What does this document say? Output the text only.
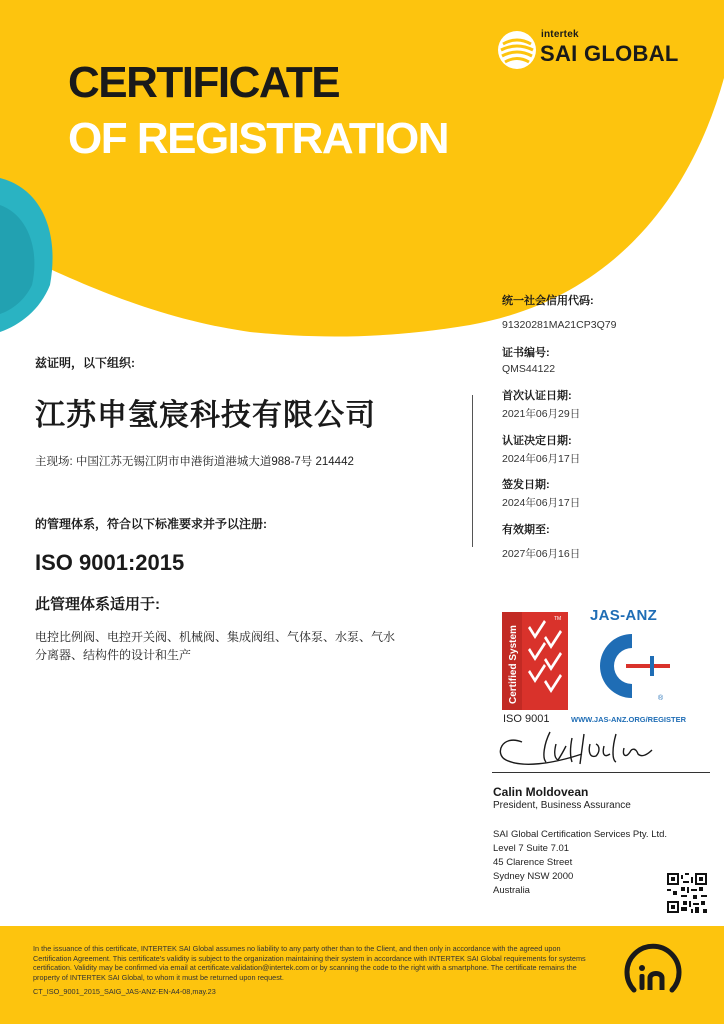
intertek
SAI GLOBAL
CERTIFICATE
OF REGISTRATION
兹证明，以下组织:
江苏申氢宸科技有限公司
主现场: 中国江苏无锡江阴市申港街道港城大道988-7号 214442
的管理体系，符合以下标准要求并予以注册:
ISO 9001:2015
此管理体系适用于:
电控比例阀、电控开关阀、机械阀、集成阀组、气体泵、水泵、气水
分离器、结构件的设计和生产
统一社会信用代码:
91320281MA21CP3Q79
证书编号:
QMS44122
首次认证日期:
2021年06月29日
认证决定日期:
2024年06月17日
签发日期:
2024年06月17日
有效期至:
2027年06月16日
Certified System
TM
ISO 9001
JAS-ANZ
®
WWW.JAS-ANZ.ORG/REGISTER
Calin Moldovean
President, Business Assurance
SAI Global Certification Services Pty. Ltd.
Level 7 Suite 7.01
45 Clarence Street
Sydney NSW 2000
Australia
In the issuance of this certificate, INTERTEK SAI Global assumes no liability to any party other than to the Client, and then only in accordance with the agreed upon Certification Agreement. This certificate's validity is subject to the organization maintaining their system in accordance with INTERTEK SAI Global requirements for systems certification. Validity may be confirmed via email at certificate.validation@intertek.com or by scanning the code to the right with a smartphone. The certificate remains the property of INTERTEK SAI Global, to whom it must be returned upon request.
CT_ISO_9001_2015_SAIG_JAS-ANZ-EN-A4-08,may.23
